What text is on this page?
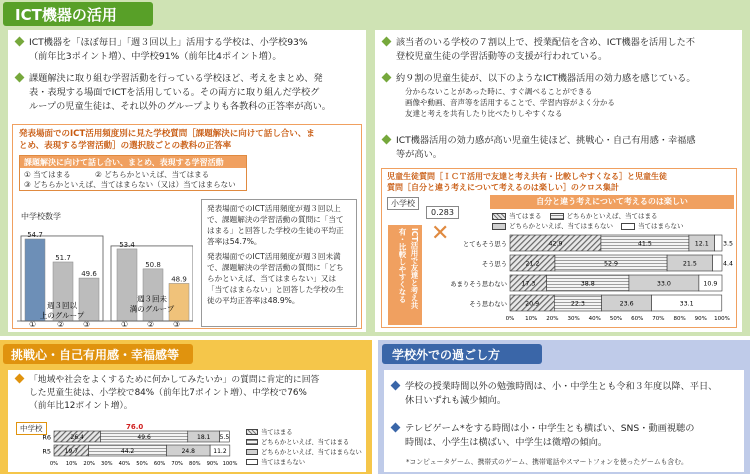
ICT機器の活用
ICT機器を「ほぼ毎日」「週３回以上」活用する学校は、小学校93%
（前年比3ポイント増）、中学校91%（前年比4ポイント増）。
課題解決に取り組む学習活動を行っている学校ほど、考えをまとめ、発
表・表現する場面でICTを活用している。その両方に取り組んだ学校グ
ループの児童生徒は、それ以外のグループよりも各教科の正答率が高い。
発表場面でのICT活用頻度別に見た学校質問［課題解決に向けて話し合い、ま
とめ、表現する学習活動］の選択肢ごとの教科の正答率
課題解決に向けて話し合い、まとめ、表現する学習活動
① 当てはまる	② どちらかといえば、当てはまる
③ どちらかといえば、当てはまらない（又は）当てはまらない
中学校数学
54.7
51.7
49.6
53.4
50.8
48.9
週３回以
上のグループ
週３回未
満のグループ
発表場面でのICT活用頻度が週３回以上で、課題解決の学習活動の質問に「当てはまる」と回答した学校の生徒の平均正答率は54.7%。
発表場面でのICT活用頻度が週３回未満で、課題解決の学習活動の質問に「どちらかといえば、当てはまらない」又は「当てはまらない」と回答した学校の生徒の平均正答率は48.9%。
①	② ③	① ② ③
該当者のいる学校の７割以上で、授業配信を含め、ICT機器を活用した不
登校児童生徒の学習活動等の支援が行われている。
約９割の児童生徒が、以下のようなICT機器活用の効力感を感じている。
分からないことがあった時に、すぐ調べることができる
画像や動画、音声等を活用することで、学習内容がよく分かる
友達と考えを共有したり比べたりしやすくなる
ICT機器活用の効力感が高い児童生徒ほど、挑戦心・自己有用感・幸福感
等が高い。
児童生徒質問［ＩＣＴ活用で友達と考え共有・比較しやすくなる］と児童生徒
質問［自分と違う考えについて考えるのは楽しい］のクロス集計
小学校
0.283
✕
ICT活用で友達と考え共有・比較しやすくなる
自分と違う考えについて考えるのは楽しい
当てはまる	どちらかといえば、当てはまるどちらかといえば、当てはまらない	当てはまらない
とてもそう思う	42.9	41.5	12.1 3.5
そう思う	21.2	52.9	21.5	4.4
あまりそう思わない 17.3	38.8	33.0	10.9
そう思わない	20.9	22.3	23.6	33.1
0% 10% 20% 30% 40% 50% 60% 70% 80% 90% 100%
挑戦心・自己有用感・幸福感等
「地域や社会をよくするために何かしてみたいか」の質問に肯定的に回答
した児童生徒は、小学校で84%（前年比7ポイント増）、中学校で76%
（前年比12ポイント増）。
中学校	76.0
R6	26.4	49.6	18.1 5.5
R5 19.7	44.2	24.8	11.2
0% 10% 20% 30% 40% 50% 60% 70% 80% 90% 100%
当てはまる
どちらかといえば、当てはまる
どちらかといえば、当てはまらない
当てはまらない
学校外での過ごし方
学校の授業時間以外の勉強時間は、小・中学生とも令和３年度以降、平日、
休日いずれも減少傾向。
テレビゲーム*をする時間は小・中学生とも横ばい、SNS・動画視聴の
時間は、小学生は横ばい、中学生は微増の傾向。
*コンピュータゲーム、携帯式のゲーム、携帯電話やスマートフォンを使ったゲームも含む。
